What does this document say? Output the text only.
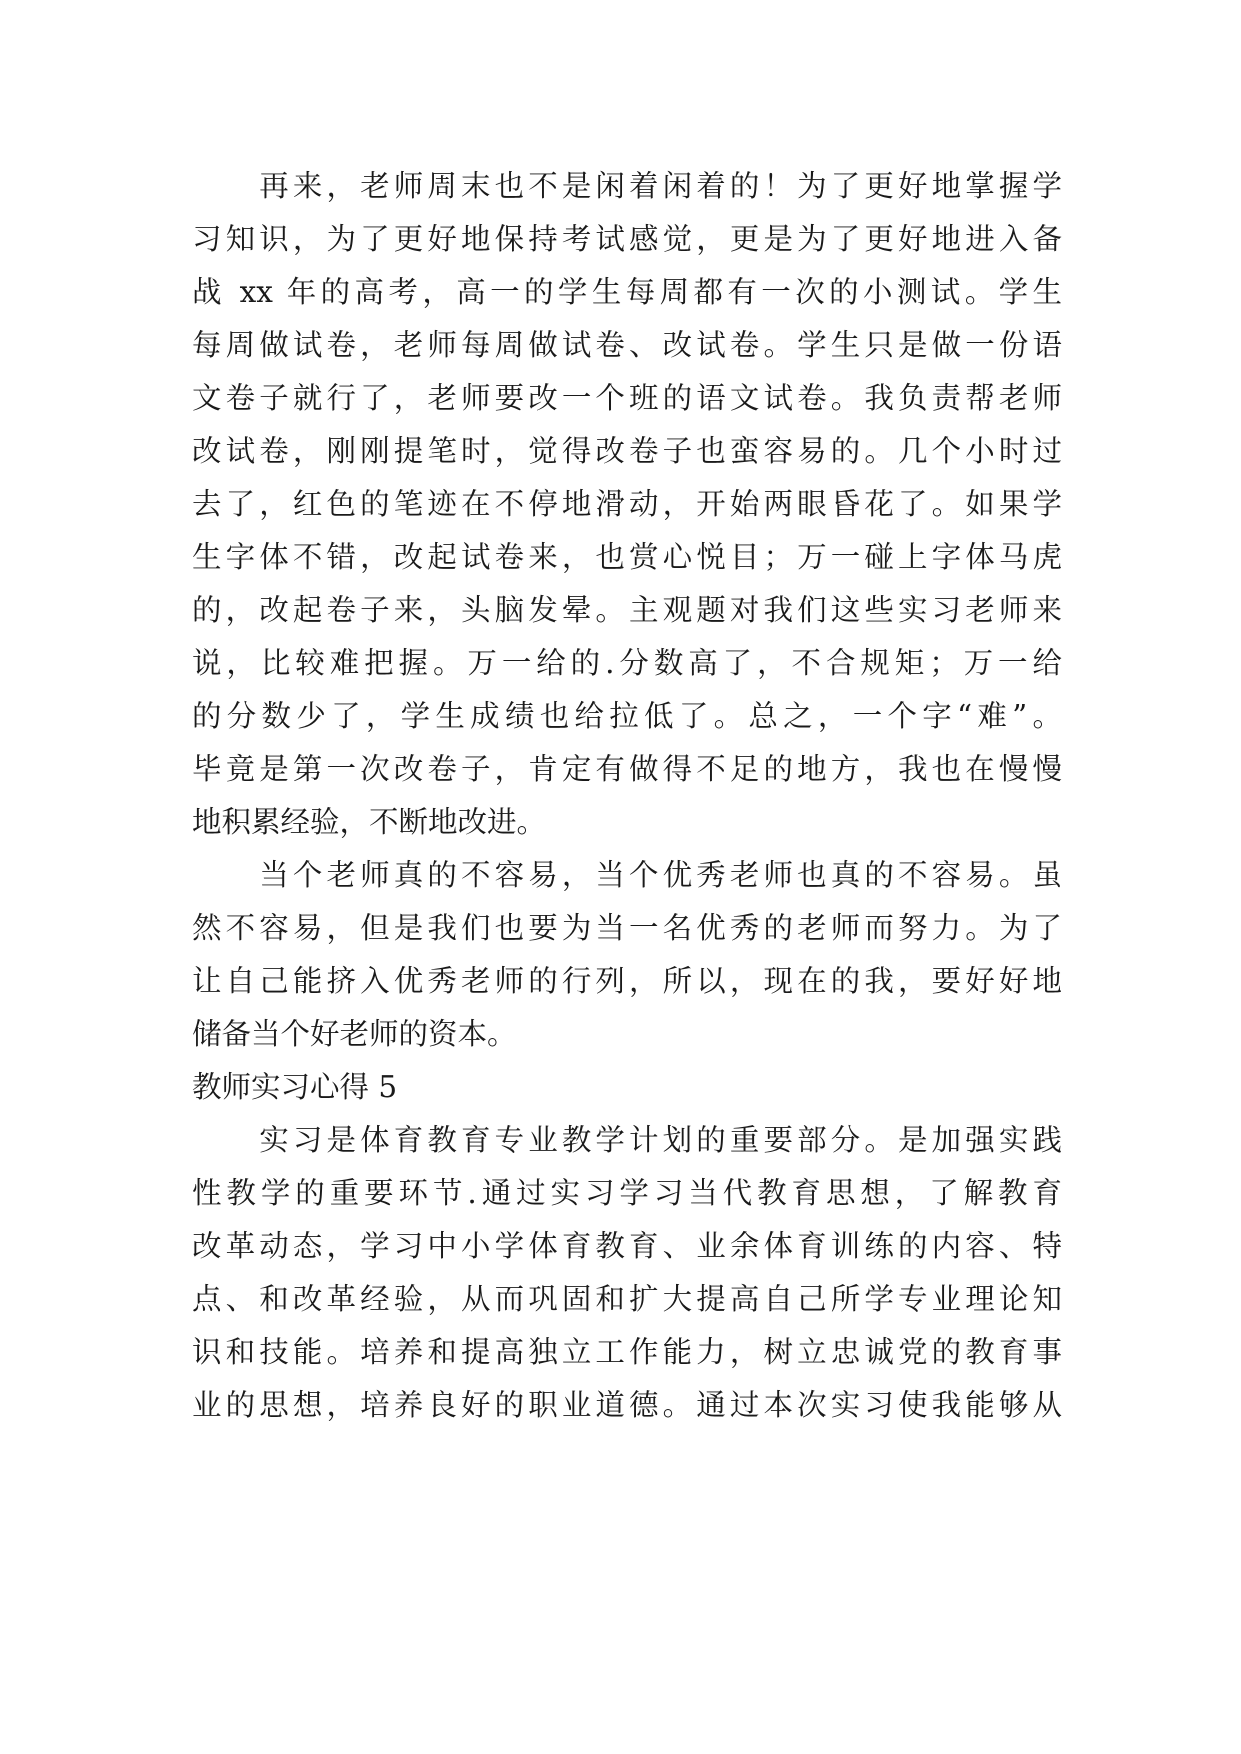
　　再来，老师周末也不是闲着闲着的！为了更好地掌握学
习知识，为了更好地保持考试感觉，更是为了更好地进入备
战 xx 年的高考，高一的学生每周都有一次的小测试。学生
每周做试卷，老师每周做试卷、改试卷。学生只是做一份语
文卷子就行了，老师要改一个班的语文试卷。我负责帮老师
改试卷，刚刚提笔时，觉得改卷子也蛮容易的。几个小时过
去了，红色的笔迹在不停地滑动，开始两眼昏花了。如果学
生字体不错，改起试卷来，也赏心悦目；万一碰上字体马虎
的，改起卷子来，头脑发晕。主观题对我们这些实习老师来
说，比较难把握。万一给的.分数高了，不合规矩；万一给
的分数少了，学生成绩也给拉低了。总之，一个字“难”。
毕竟是第一次改卷子，肯定有做得不足的地方，我也在慢慢
地积累经验，不断地改进。
　　当个老师真的不容易，当个优秀老师也真的不容易。虽
然不容易，但是我们也要为当一名优秀的老师而努力。为了
让自己能挤入优秀老师的行列，所以，现在的我，要好好地
储备当个好老师的资本。
教师实习心得 5
　　实习是体育教育专业教学计划的重要部分。是加强实践
性教学的重要环节.通过实习学习当代教育思想，了解教育
改革动态，学习中小学体育教育、业余体育训练的内容、特
点、和改革经验，从而巩固和扩大提高自己所学专业理论知
识和技能。培养和提高独立工作能力，树立忠诚党的教育事
业的思想，培养良好的职业道德。通过本次实习使我能够从
